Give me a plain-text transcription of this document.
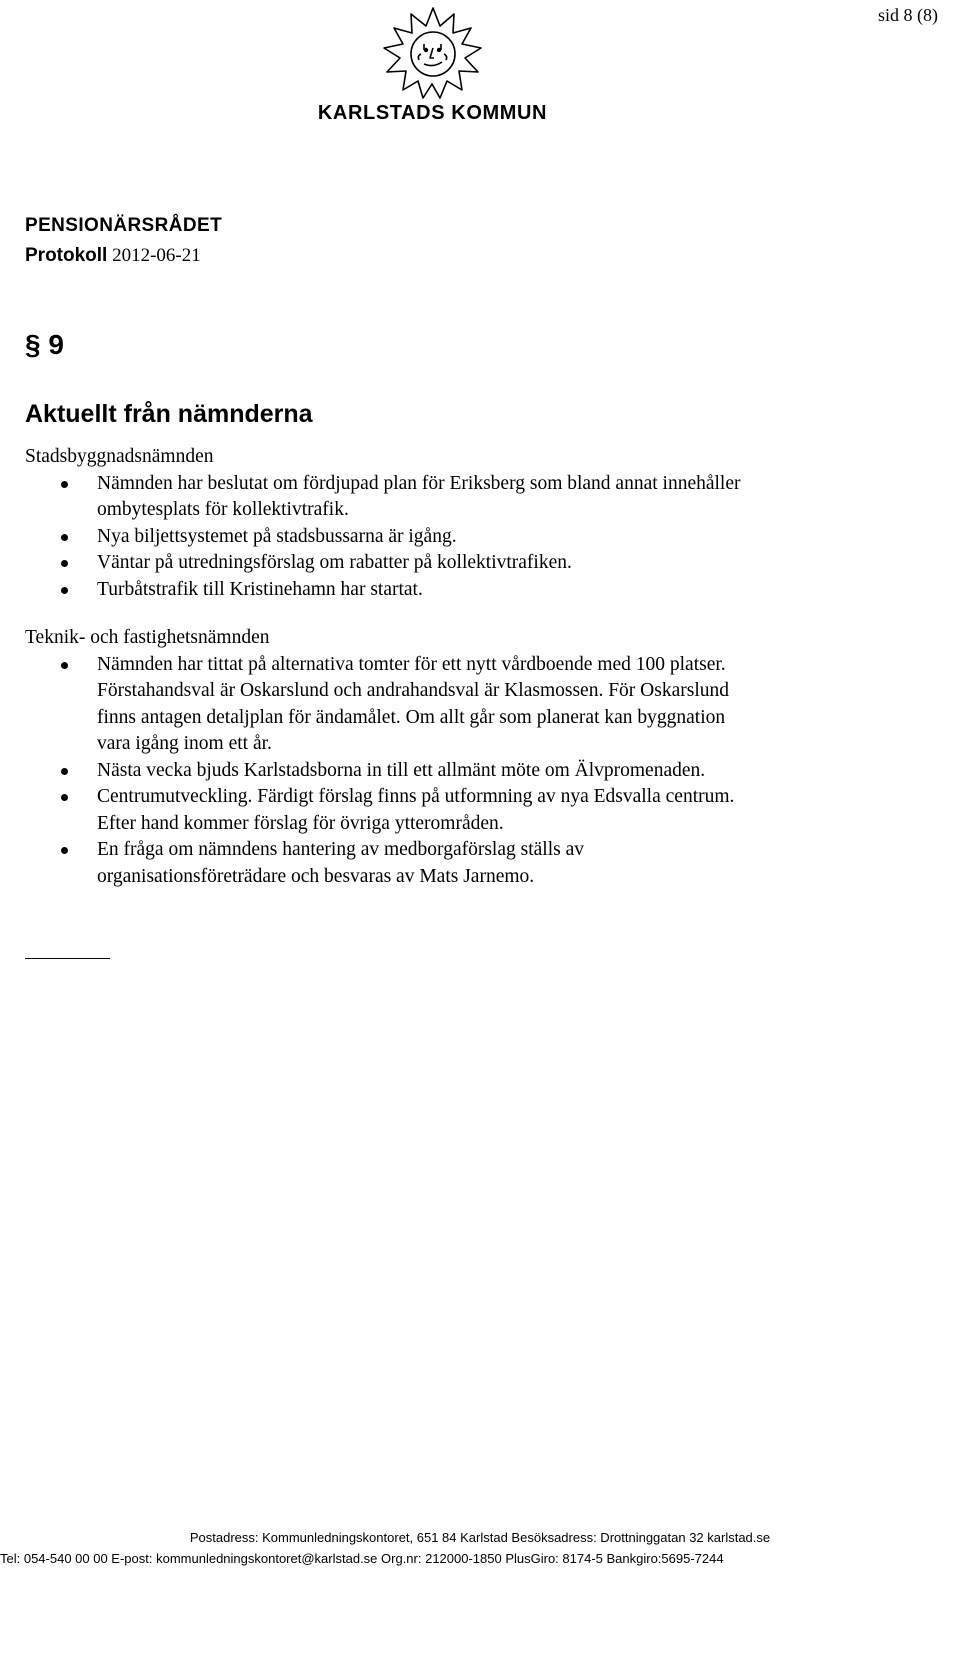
sid 8 (8)
KARLSTADS KOMMUN
PENSIONÄRSRÅDET
Protokoll 2012-06-21
§ 9
Aktuellt från nämnderna
Stadsbyggnadsnämnden
Nämnden har beslutat om fördjupad plan för Eriksberg som bland annat innehåller ombytesplats för kollektivtrafik.
Nya biljettsystemet på stadsbussarna är igång.
Väntar på utredningsförslag om rabatter på kollektivtrafiken.
Turbåtstrafik till Kristinehamn har startat.
Teknik- och fastighetsnämnden
Nämnden har tittat på alternativa tomter för ett nytt vårdboende med 100 platser. Förstahandsval är Oskarslund och andrahandsval är Klasmossen. För Oskarslund finns antagen detaljplan för ändamålet. Om allt går som planerat kan byggnation vara igång inom ett år.
Nästa vecka bjuds Karlstadsborna in till ett allmänt möte om Älvpromenaden.
Centrumutveckling. Färdigt förslag finns på utformning av nya Edsvalla centrum. Efter hand kommer förslag för övriga ytterområden.
En fråga om nämndens hantering av medborgaförslag ställs av organisationsföreträdare och besvaras av Mats Jarnemo.
Postadress: Kommunledningskontoret, 651 84 Karlstad Besöksadress: Drottninggatan 32 karlstad.se
Tel: 054-540 00 00 E-post: kommunledningskontoret@karlstad.se Org.nr: 212000-1850 PlusGiro: 8174-5 Bankgiro:5695-7244
